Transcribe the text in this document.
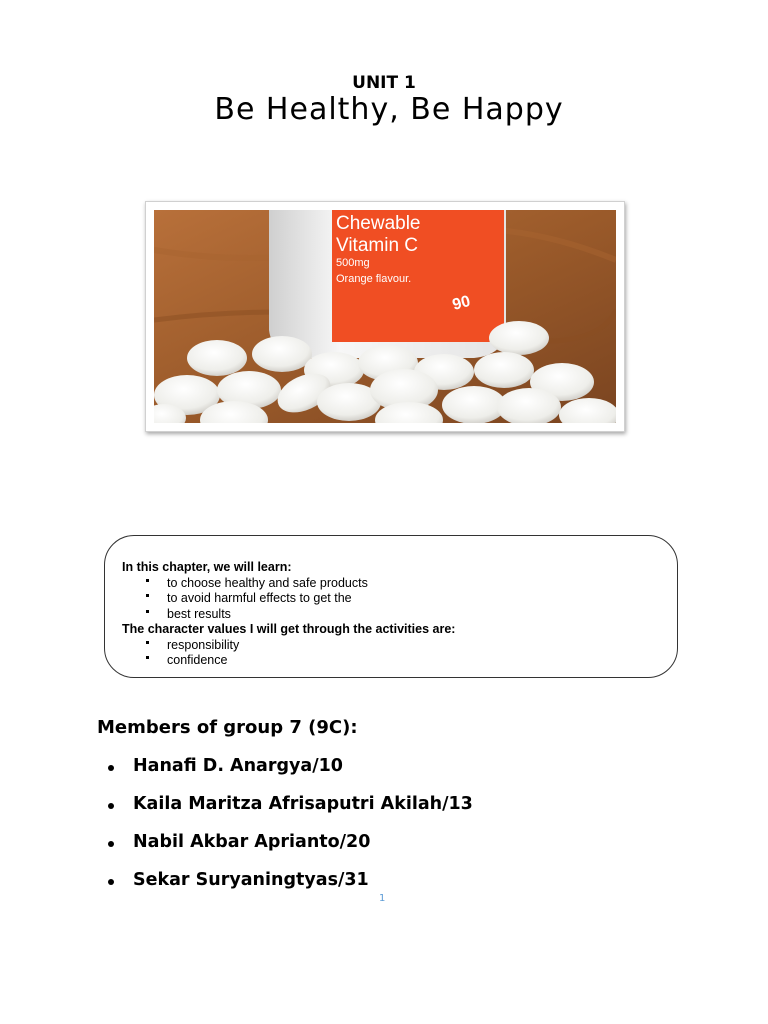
UNIT 1
Be Healthy, Be Happy
Chewable
Vitamin C
500mg
Orange flavour.
90
In this chapter, we will learn:
to choose healthy and safe products
to avoid harmful effects to get the
best results
The character values I will get through the activities are:
responsibility
confidence
Members of group 7 (9C):
Hanafi D. Anargya/10
Kaila Maritza Afrisaputri Akilah/13
Nabil Akbar Aprianto/20
Sekar Suryaningtyas/31
1
